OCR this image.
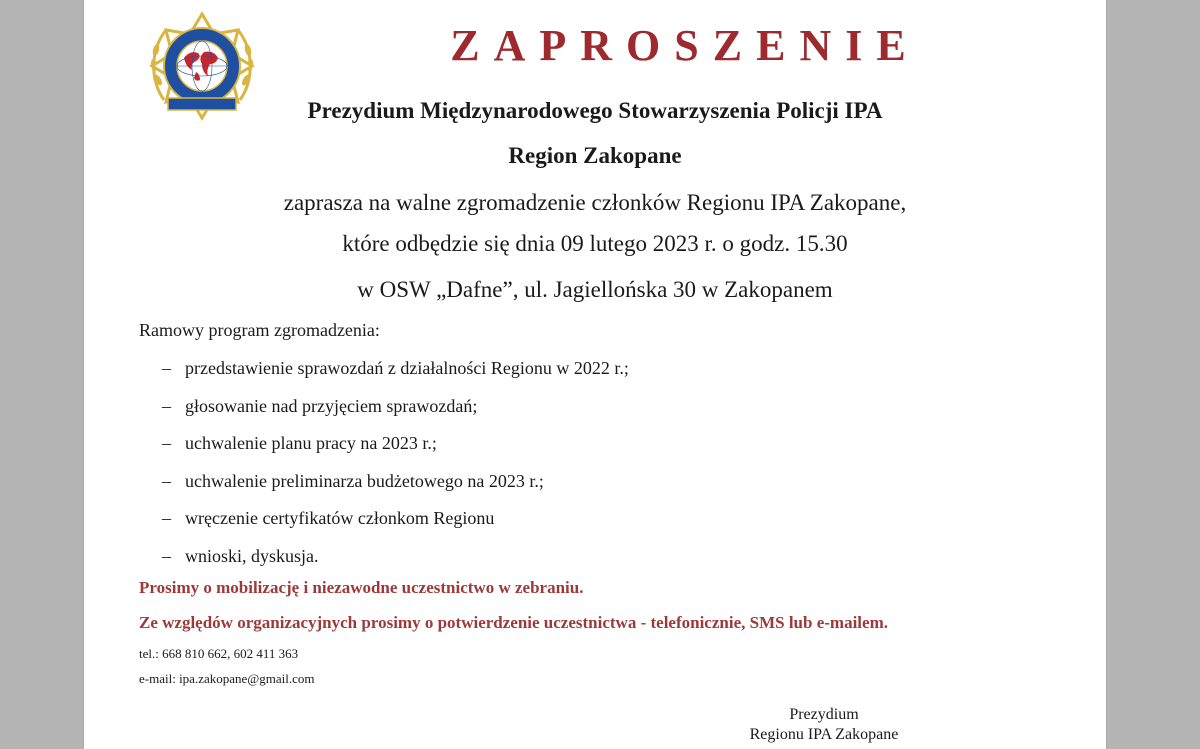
ZAPROSZENIE
Prezydium Międzynarodowego Stowarzyszenia Policji IPA
Region Zakopane
zaprasza na walne zgromadzenie członków Regionu IPA Zakopane,
które odbędzie się dnia 09 lutego 2023 r. o godz. 15.30
w OSW „Dafne”, ul. Jagiellońska 30 w Zakopanem
Ramowy program zgromadzenia:
– przedstawienie sprawozdań z działalności Regionu w 2022 r.;
– głosowanie nad przyjęciem sprawozdań;
– uchwalenie planu pracy na 2023 r.;
– uchwalenie preliminarza budżetowego na 2023 r.;
– wręczenie certyfikatów członkom Regionu
– wnioski, dyskusja.
Prosimy o mobilizację i niezawodne uczestnictwo w zebraniu.
Ze względów organizacyjnych prosimy o potwierdzenie uczestnictwa - telefonicznie, SMS lub e-mailem.
tel.: 668 810 662, 602 411 363
e-mail: ipa.zakopane@gmail.com
Prezydium
Regionu IPA Zakopane
